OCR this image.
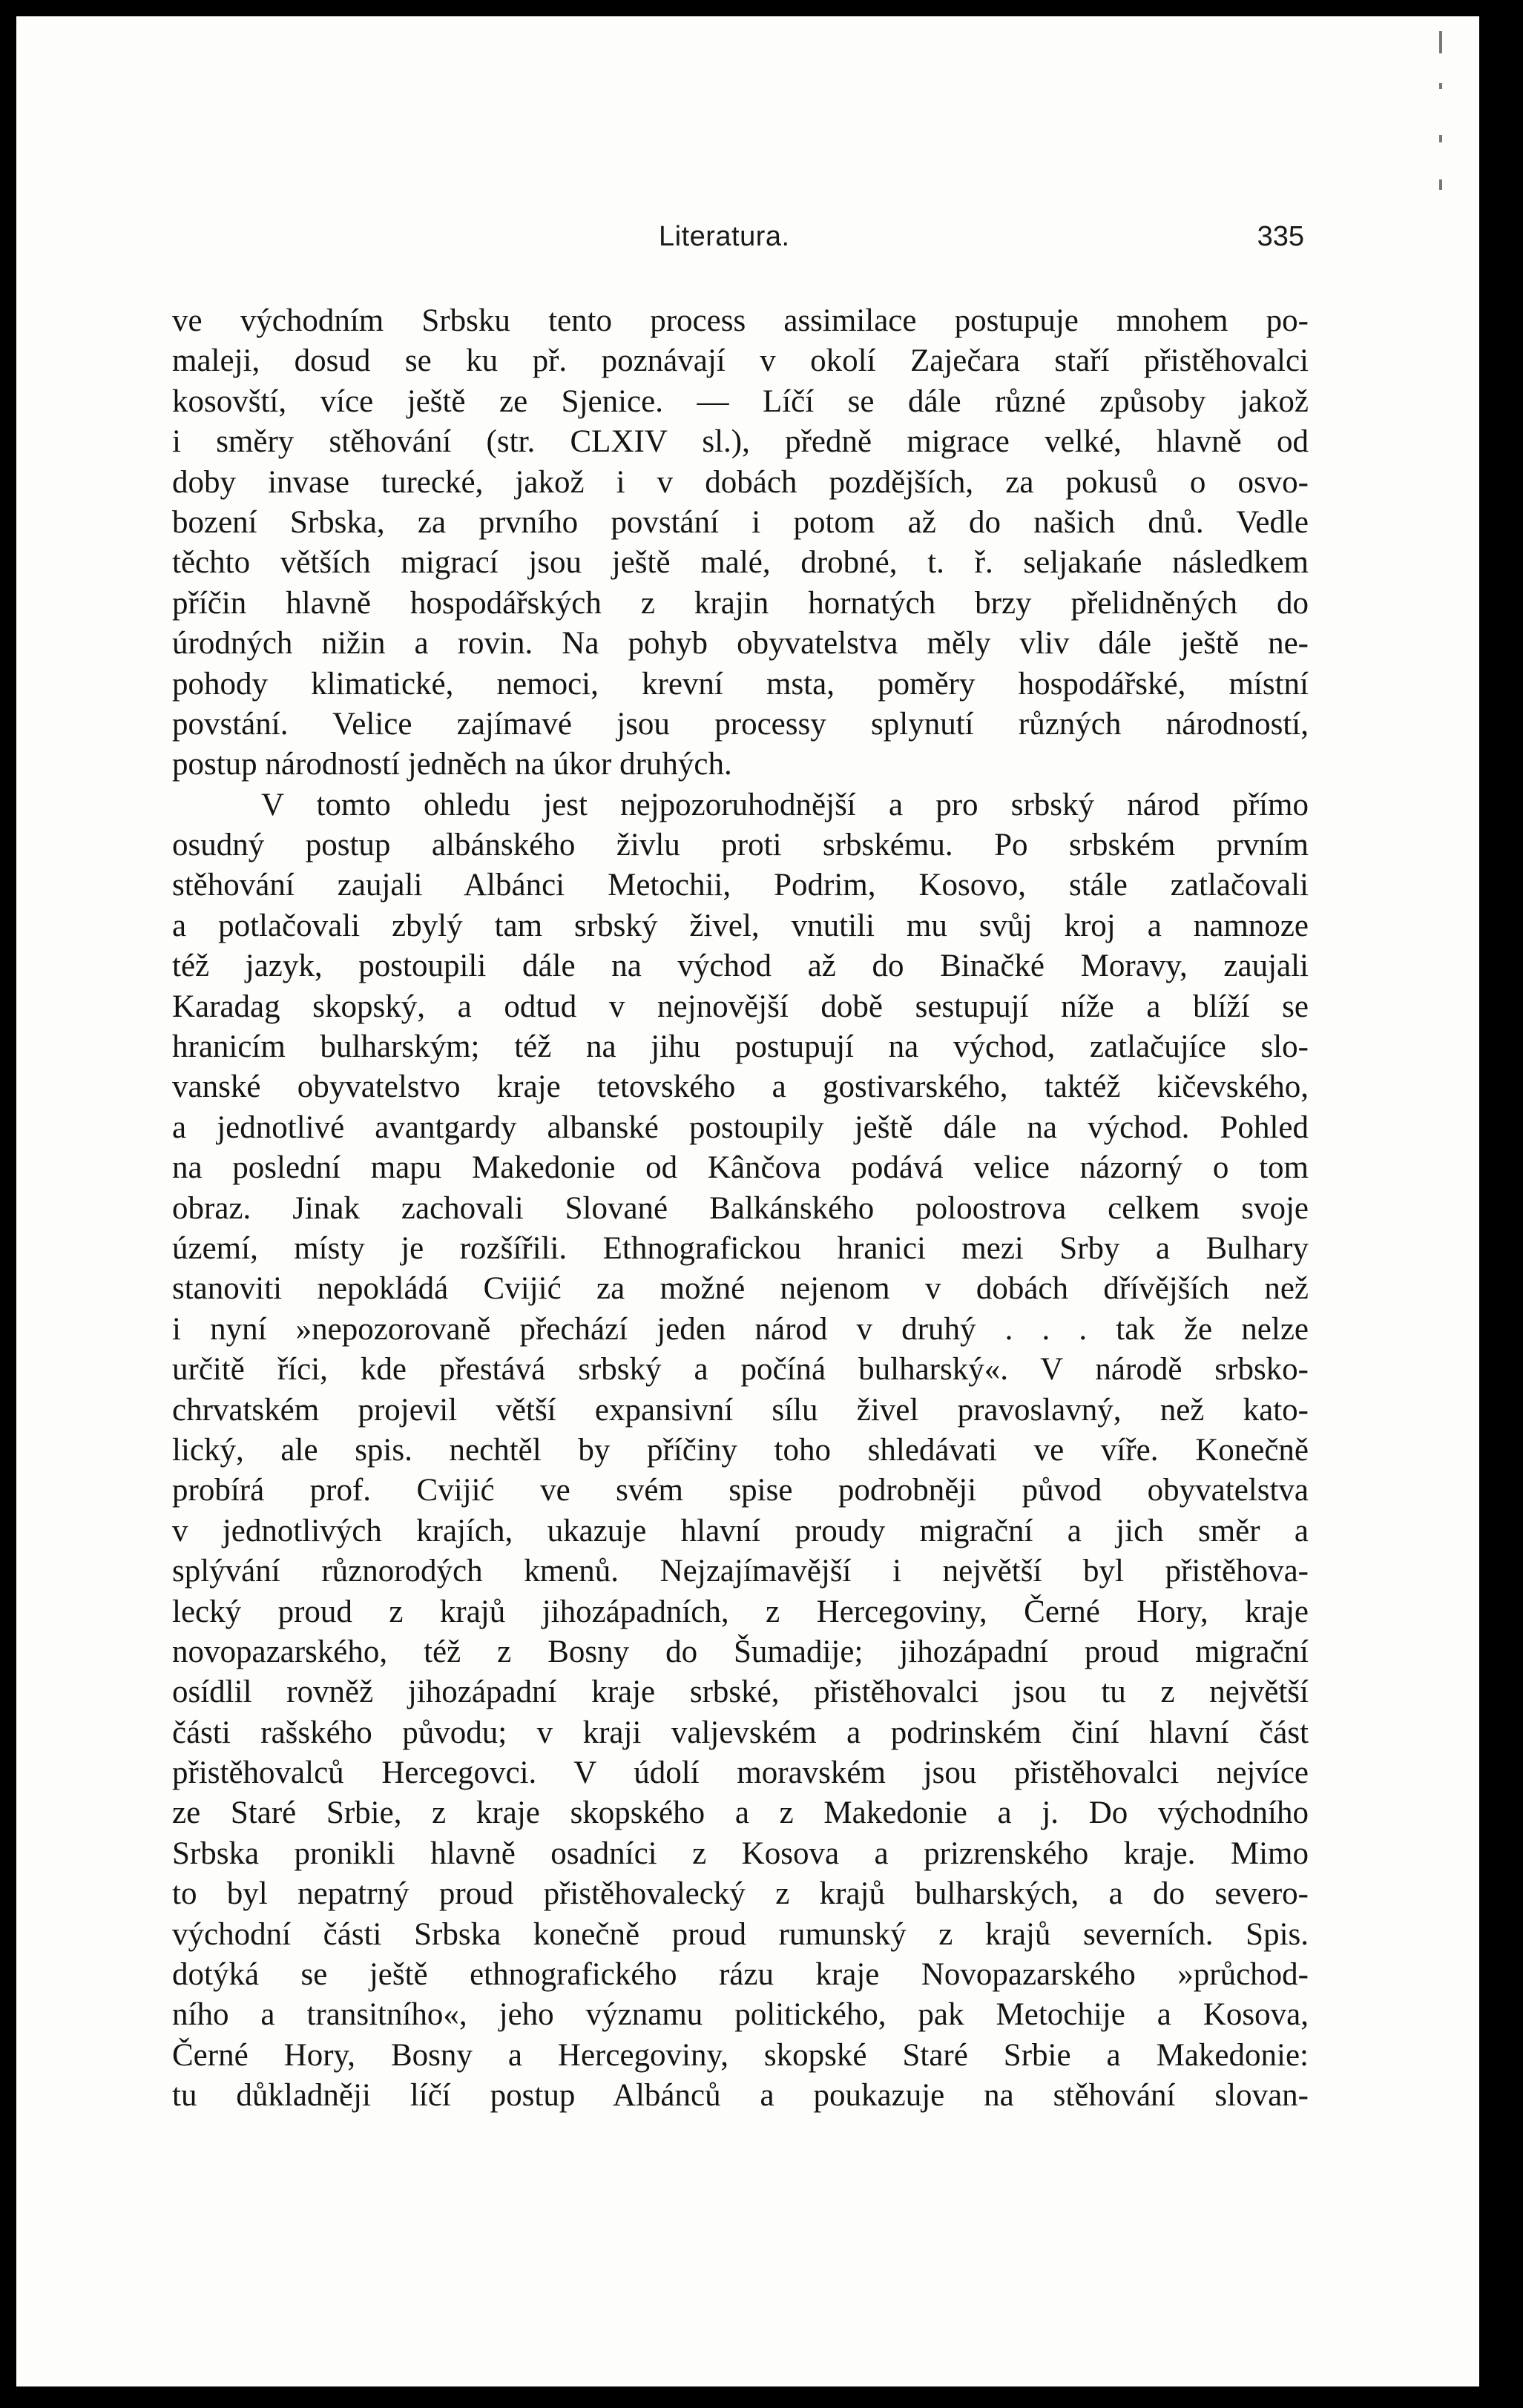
Literatura.	335
ve východním Srbsku tento process assimilace postupuje mnohem po-
maleji, dosud se ku př. poznávají v okolí Zaječara staří přistěhovalci
kosovští, více ještě ze Sjenice. — Líčí se dále různé způsoby jakož
i směry stěhování (str. CLXIV sl.), předně migrace velké, hlavně od
doby invase turecké, jakož i v dobách pozdějších, za pokusů o osvo-
bození Srbska, za prvního povstání i potom až do našich dnů. Vedle
těchto větších migrací jsou ještě malé, drobné, t. ř. seljakańe následkem
příčin hlavně hospodářských z krajin hornatých brzy přelidněných do
úrodných nižin a rovin. Na pohyb obyvatelstva měly vliv dále ještě ne-
pohody klimatické, nemoci, krevní msta, poměry hospodářské, místní
povstání. Velice zajímavé jsou processy splynutí různých národností,
postup národností jedněch na úkor druhých.
V tomto ohledu jest nejpozoruhodnější a pro srbský národ přímo
osudný postup albánského živlu proti srbskému. Po srbském prvním
stěhování zaujali Albánci Metochii, Podrim, Kosovo, stále zatlačovali
a potlačovali zbylý tam srbský živel, vnutili mu svůj kroj a namnoze
též jazyk, postoupili dále na východ až do Binačké Moravy, zaujali
Karadag skopský, a odtud v nejnovější době sestupují níže a blíží se
hranicím bulharským; též na jihu postupují na východ, zatlačujíce slo-
vanské obyvatelstvo kraje tetovského a gostivarského, taktéž kičevského,
a jednotlivé avantgardy albanské postoupily ještě dále na východ. Pohled
na poslední mapu Makedonie od Kânčova podává velice názorný o tom
obraz. Jinak zachovali Slované Balkánského poloostrova celkem svoje
území, místy je rozšířili. Ethnografickou hranici mezi Srby a Bulhary
stanoviti nepokládá Cvijić za možné nejenom v dobách dřívějších než
i nyní »nepozorovaně přechází jeden národ v druhý . . . tak že nelze
určitě říci, kde přestává srbský a počíná bulharský«. V národě srbsko-
chrvatském projevil větší expansivní sílu živel pravoslavný, než kato-
lický, ale spis. nechtěl by příčiny toho shledávati ve víře. Konečně
probírá prof. Cvijić ve svém spise podrobněji původ obyvatelstva
v jednotlivých krajích, ukazuje hlavní proudy migrační a jich směr a
splývání různorodých kmenů. Nejzajímavější i největší byl přistěhova-
lecký proud z krajů jihozápadních, z Hercegoviny, Černé Hory, kraje
novopazarského, též z Bosny do Šumadije; jihozápadní proud migrační
osídlil rovněž jihozápadní kraje srbské, přistěhovalci jsou tu z největší
části rašského původu; v kraji valjevském a podrinském činí hlavní část
přistěhovalců Hercegovci. V údolí moravském jsou přistěhovalci nejvíce
ze Staré Srbie, z kraje skopského a z Makedonie a j. Do východního
Srbska pronikli hlavně osadníci z Kosova a prizrenského kraje. Mimo
to byl nepatrný proud přistěhovalecký z krajů bulharských, a do severo-
východní části Srbska konečně proud rumunský z krajů severních. Spis.
dotýká se ještě ethnografického rázu kraje Novopazarského »průchod-
ního a transitního«, jeho významu politického, pak Metochije a Kosova,
Černé Hory, Bosny a Hercegoviny, skopské Staré Srbie a Makedonie:
tu důkladněji líčí postup Albánců a poukazuje na stěhování slovan-
